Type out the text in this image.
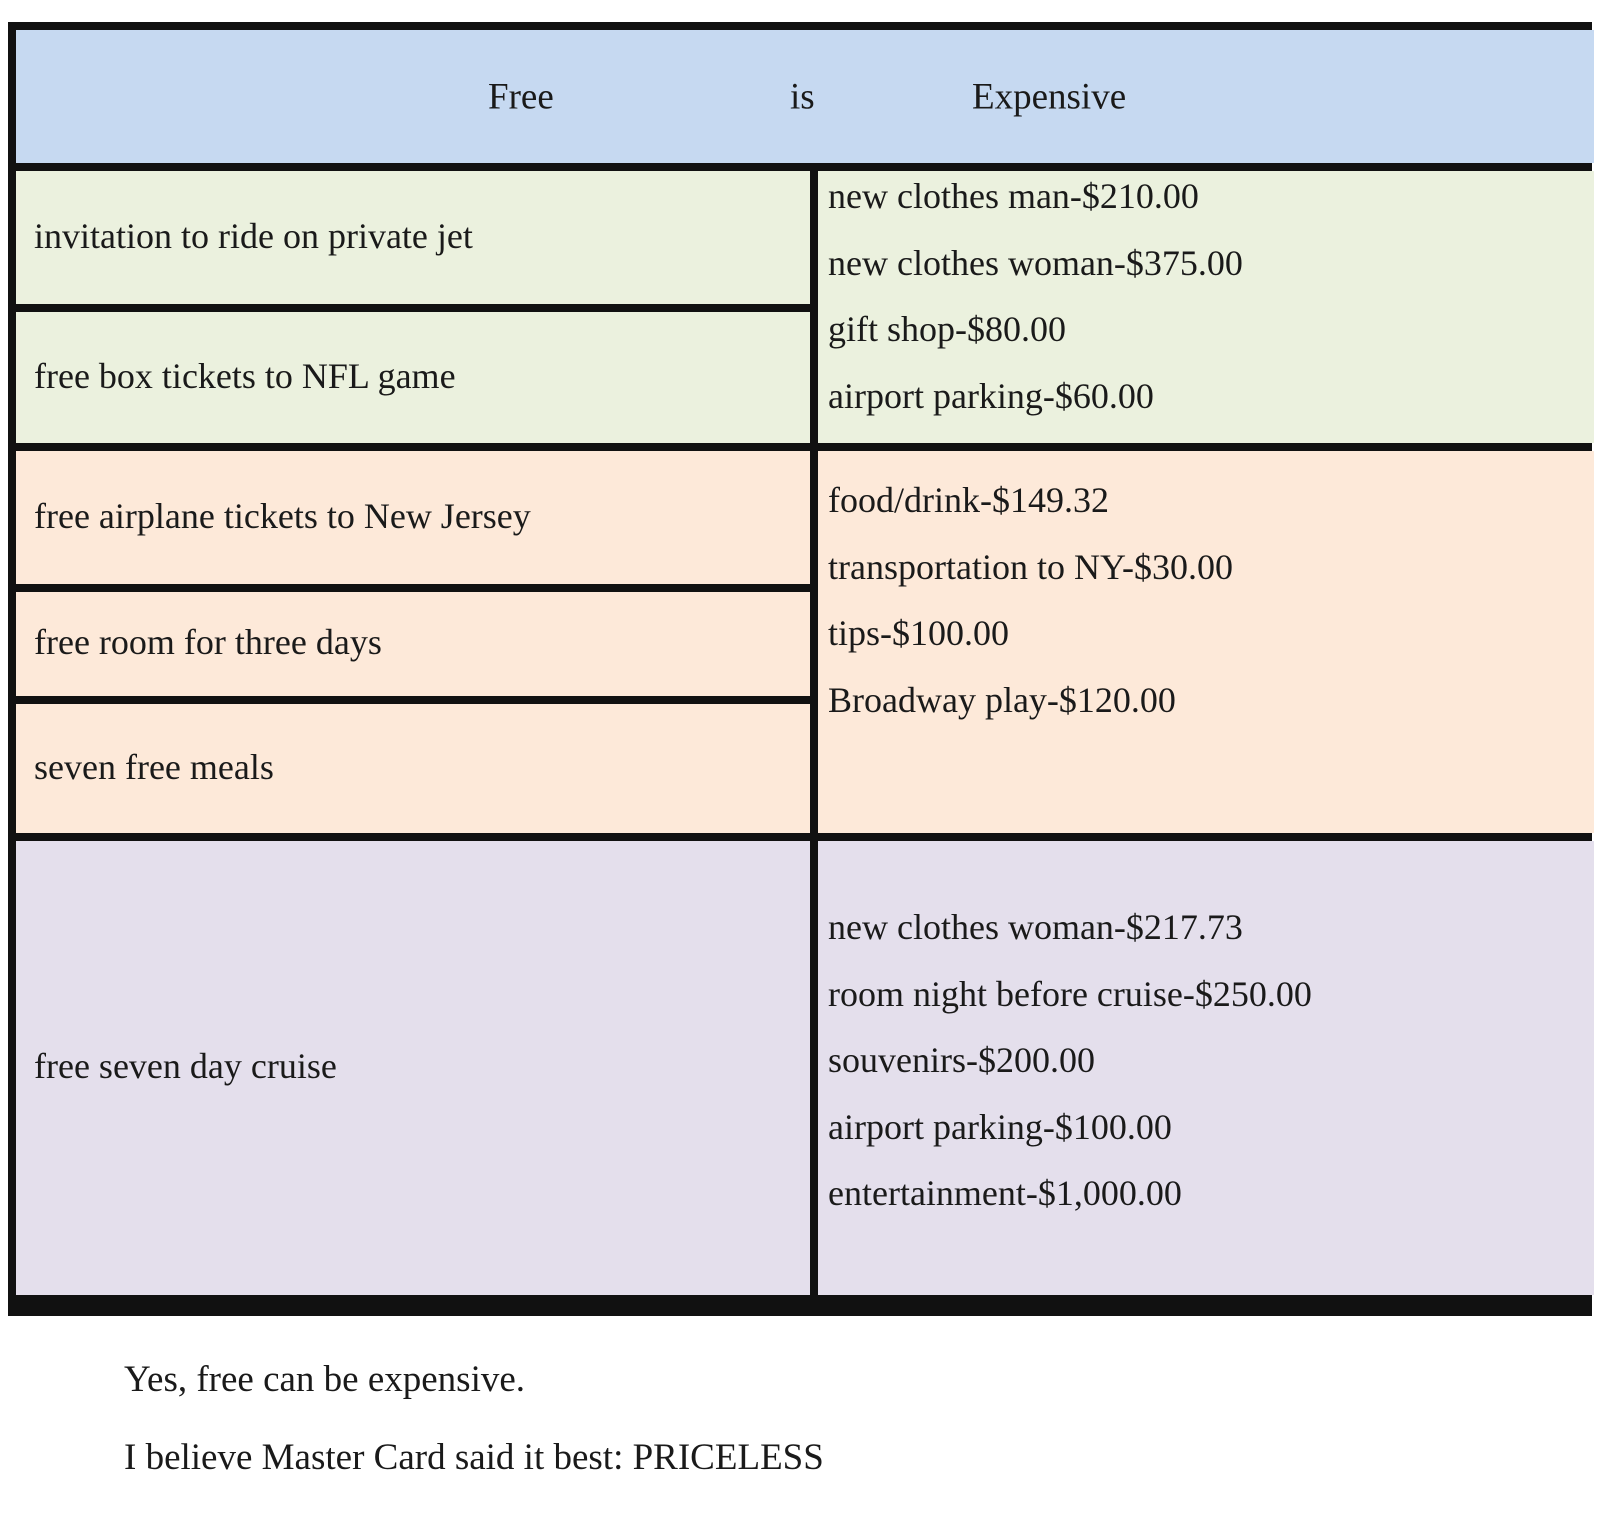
Free	is	Expensive
invitation to ride on private jet
free box tickets to NFL game
new clothes man-$210.00
new clothes woman-$375.00
gift shop-$80.00
airport parking-$60.00
free airplane tickets to New Jersey
free room for three days
seven free meals
food/drink-$149.32
transportation to NY-$30.00
tips-$100.00
Broadway play-$120.00
free seven day cruise
new clothes woman-$217.73
room night before cruise-$250.00
souvenirs-$200.00
airport parking-$100.00
entertainment-$1,000.00
Yes, free can be expensive.
I believe Master Card said it best: PRICELESS
